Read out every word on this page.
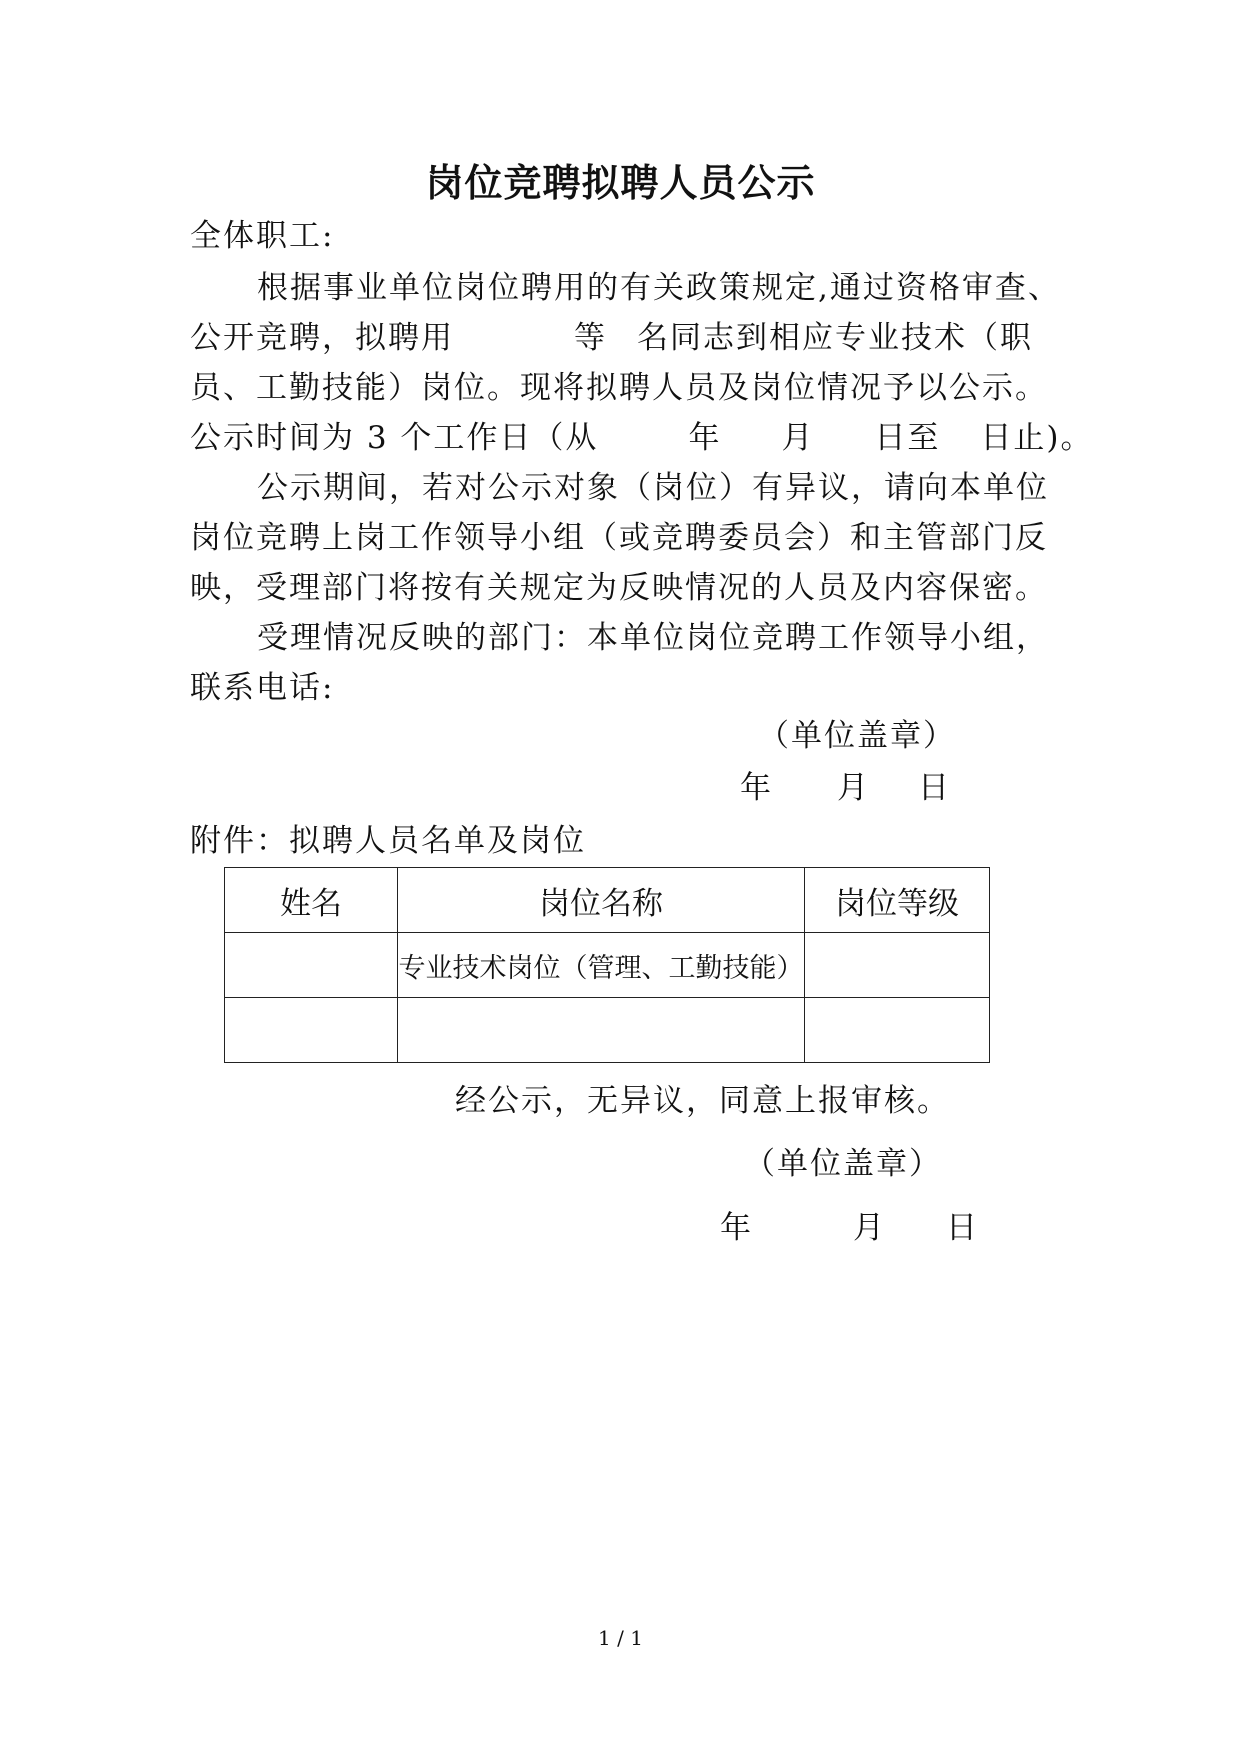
岗位竞聘拟聘人员公示
全体职工:
根据事业单位岗位聘用的有关政策规定,通过资格审查、
公开竞聘，拟聘用	等 名同志到相应专业技术（职
员、工勤技能）岗位。现将拟聘人员及岗位情况予以公示。
公示时间为 3 个工作日（从	年 月 日至 日止)。
公示期间，若对公示对象（岗位）有异议，请向本单位
岗位竞聘上岗工作领导小组（或竞聘委员会）和主管部门反
映，受理部门将按有关规定为反映情况的人员及内容保密。
受理情况反映的部门：本单位岗位竞聘工作领导小组，
联系电话:
（单位盖章）
年 月 日
附件：拟聘人员名单及岗位
姓名	岗位名称	岗位等级
	专业技术岗位（管理、工勤技能）	

经公示，无异议，同意上报审核。
（单位盖章）
年	月 日
1 / 1
